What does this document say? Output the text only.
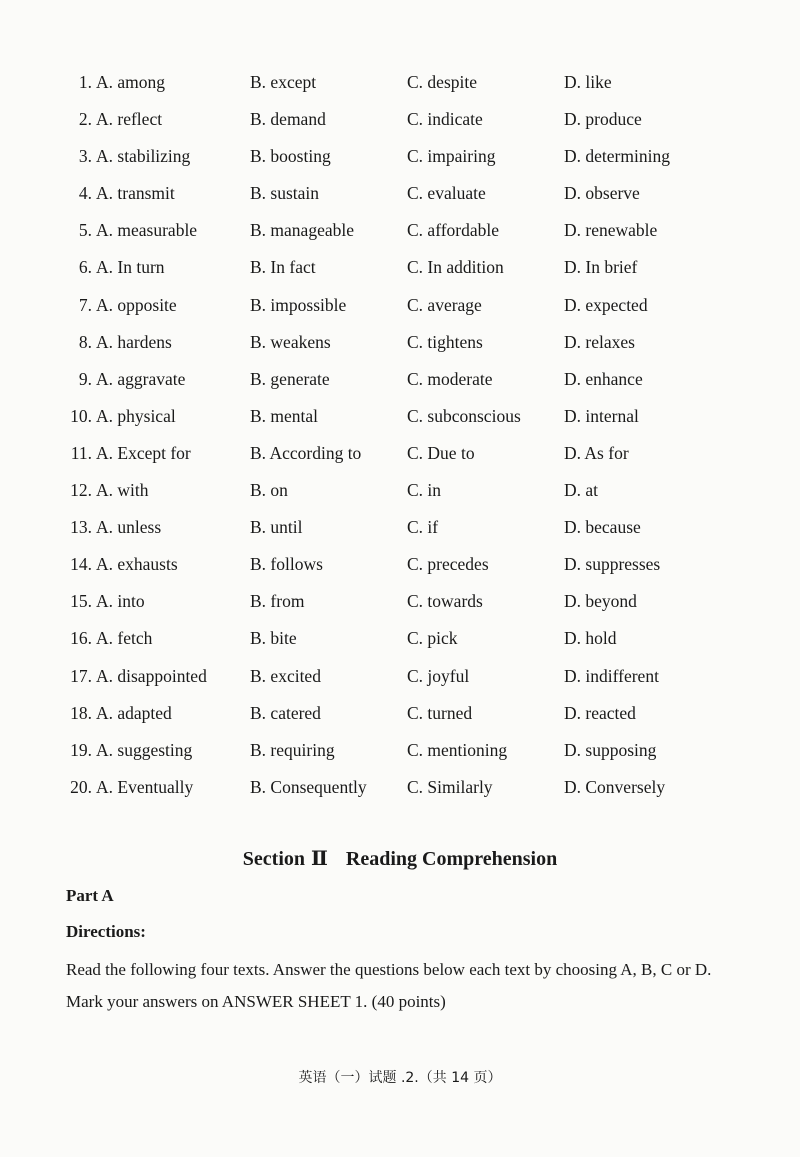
1. A. among	B. except	C. despite	D. like
2. A. reflect	B. demand	C. indicate	D. produce
3. A. stabilizing	B. boosting	C. impairing	D. determining
4. A. transmit	B. sustain	C. evaluate	D. observe
5. A. measurable	B. manageable	C. affordable	D. renewable
6. A. In turn	B. In fact	C. In addition	D. In brief
7. A. opposite	B. impossible	C. average	D. expected
8. A. hardens	B. weakens	C. tightens	D. relaxes
9. A. aggravate	B. generate	C. moderate	D. enhance
10. A. physical	B. mental	C. subconscious D. internal
11. A. Except for	B. According to	C. Due to	D. As for
12. A. with	B. on	C. in	D. at
13. A. unless	B. until	C. if	D. because
14. A. exhausts	B. follows	C. precedes	D. suppresses
15. A. into	B. from	C. towards	D. beyond
16. A. fetch	B. bite	C. pick	D. hold
17. A. disappointed B. excited	C. joyful	D. indifferent
18. A. adapted	B. catered	C. turned	D. reacted
19. A. suggesting	B. requiring	C. mentioning	D. supposing
20. A. Eventually	B. Consequently C. Similarly	D. Conversely
Section Ⅱ Reading Comprehension
Part A
Directions:
Read the following four texts. Answer the questions below each text by choosing A, B, C or D. Mark your answers on ANSWER SHEET 1. (40 points)
英语（一）试题 .2.（共 14 页）
